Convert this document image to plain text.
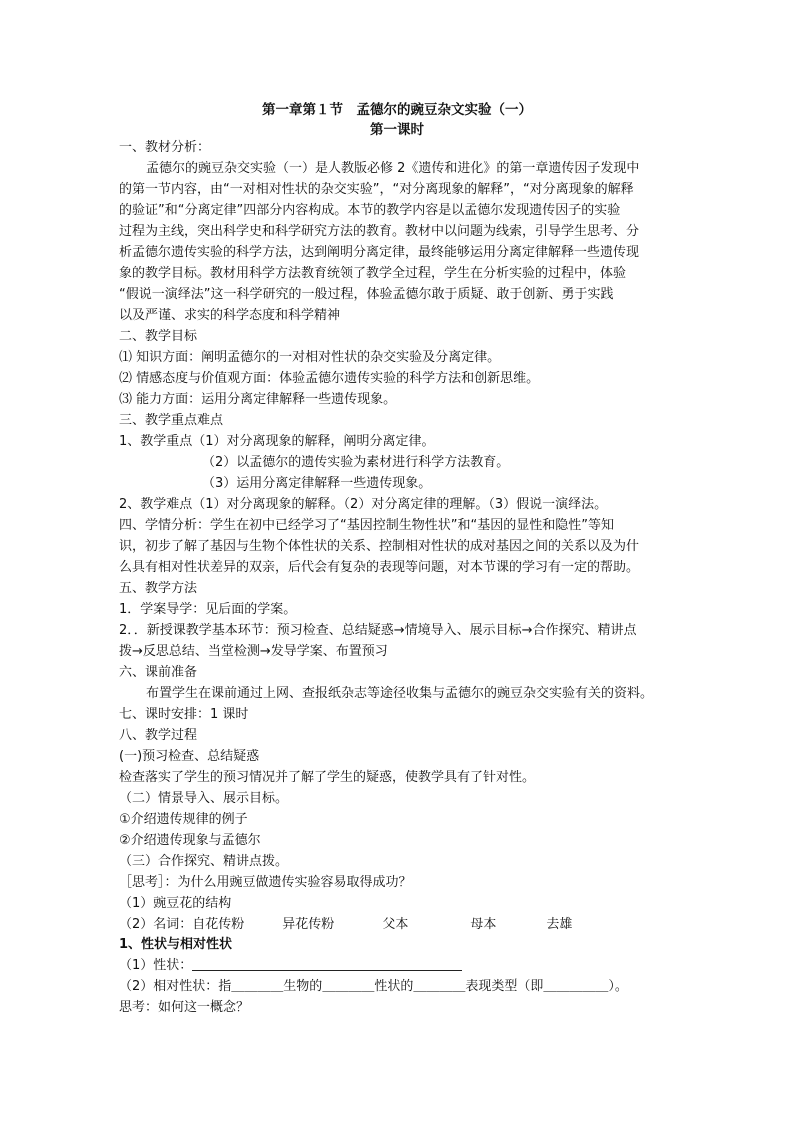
第一章第１节　孟德尔的豌豆杂文实验（一）
第一课时
一、教材分析：
孟德尔的豌豆杂交实验（一）是人教版必修 2《遗传和进化》的第一章遗传因子发现中
的第一节内容，由“一对相对性状的杂交实验”，“对分离现象的解释”，“对分离现象的解释
的验证”和“分离定律”四部分内容构成。本节的教学内容是以孟德尔发现遗传因子的实验
过程为主线，突出科学史和科学研究方法的教育。教材中以问题为线索，引导学生思考、分
析孟德尔遗传实验的科学方法，达到阐明分离定律，最终能够运用分离定律解释一些遗传现
象的教学目标。教材用科学方法教育统领了教学全过程，学生在分析实验的过程中，体验
“假说一演绎法”这一科学研究的一般过程，体验孟德尔敢于质疑、敢于创新、勇于实践
以及严谨、求实的科学态度和科学精神
二、教学目标
⑴ 知识方面：阐明孟德尔的一对相对性状的杂交实验及分离定律。
⑵ 情感态度与价值观方面：体验孟德尔遗传实验的科学方法和创新思维。
⑶ 能力方面：运用分离定律解释一些遗传现象。
三、教学重点难点
1、教学重点（1）对分离现象的解释，阐明分离定律。
（2）以孟德尔的遗传实验为素材进行科学方法教育。
（3）运用分离定律解释一些遗传现象。
2、教学难点（1）对分离现象的解释。（2）对分离定律的理解。（3）假说一演绎法。
四、学情分析：学生在初中已经学习了“基因控制生物性状”和“基因的显性和隐性”等知
识，初步了解了基因与生物个体性状的关系、控制相对性状的成对基因之间的关系以及为什
么具有相对性状差异的双亲，后代会有复杂的表现等问题，对本节课的学习有一定的帮助。
五、教学方法
1．学案导学：见后面的学案。
2．．新授课教学基本环节：预习检查、总结疑惑→情境导入、展示目标→合作探究、精讲点
拨→反思总结、当堂检测→发导学案、布置预习
六、课前准备
布置学生在课前通过上网、查报纸杂志等途径收集与孟德尔的豌豆杂交实验有关的资料。
七、课时安排：1 课时
八、教学过程
(一)预习检查、总结疑惑
检查落实了学生的预习情况并了解了学生的疑惑，使教学具有了针对性。
（二）情景导入、展示目标。
①介绍遗传规律的例子
②介绍遗传现象与孟德尔
（三）合作探究、精讲点拨。
［思考］：为什么用豌豆做遗传实验容易取得成功？
（1）豌豆花的结构
（2）名词：自花传粉	异花传粉	父本	母本	去雄
1、性状与相对性状
（1）性状：
（2）相对性状：指＿＿＿＿生物的＿＿＿＿性状的＿＿＿＿表现类型（即＿＿＿＿＿）。
思考：如何这一概念？
